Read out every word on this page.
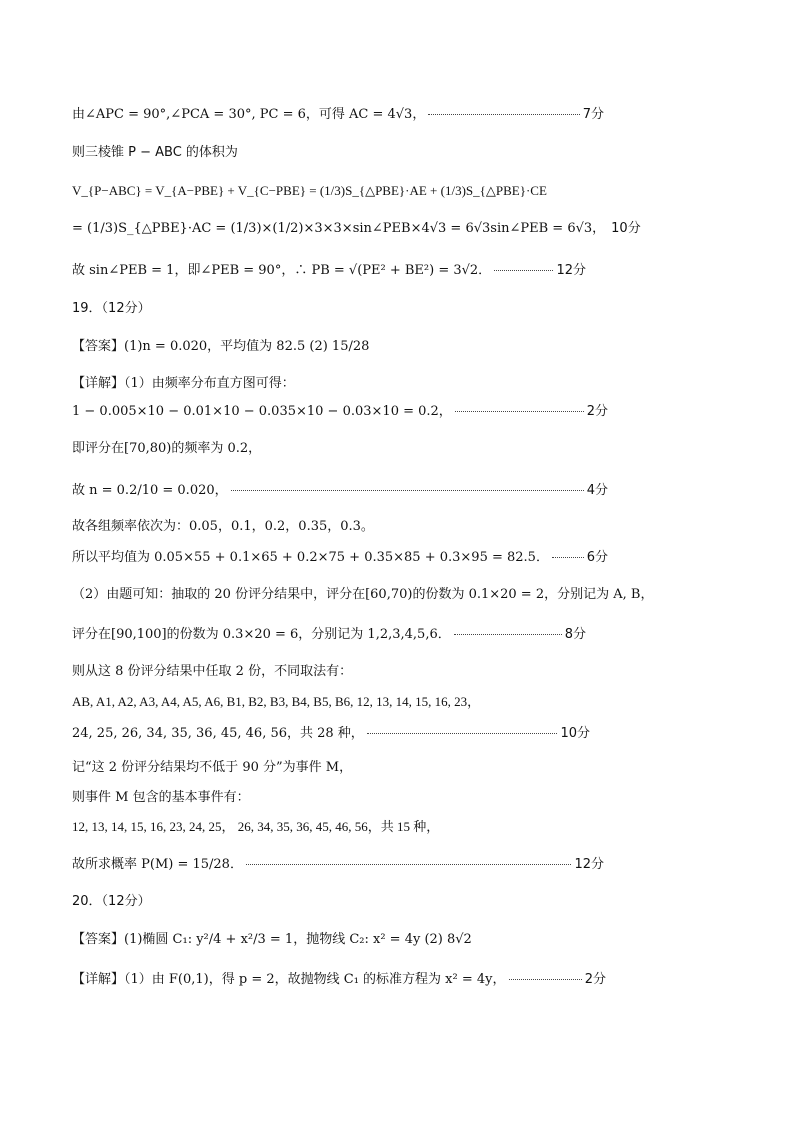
由∠APC = 90°,∠PCA = 30°, PC = 6，可得 AC = 4√3，	7分
则三棱锥 P − ABC 的体积为
V_{P−ABC} = V_{A−PBE} + V_{C−PBE} = (1/3)S_{△PBE}·AE + (1/3)S_{△PBE}·CE
= (1/3)S_{△PBE}·AC = (1/3)×(1/2)×3×3×sin∠PEB×4√3 = 6√3sin∠PEB = 6√3， 10分
故 sin∠PEB = 1，即∠PEB = 90°，∴ PB = √(PE² + BE²) = 3√2．	12分
19．（12分）
【答案】(1)n = 0.020，平均值为 82.5 (2) 15/28
【详解】（1）由频率分布直方图可得：
1 − 0.005×10 − 0.01×10 − 0.035×10 − 0.03×10 = 0.2，	2分
即评分在[70,80)的频率为 0.2，
故 n = 0.2/10 = 0.020，	4分
故各组频率依次为：0.05，0.1，0.2，0.35，0.3。
所以平均值为 0.05×55 + 0.1×65 + 0.2×75 + 0.35×85 + 0.3×95 = 82.5．	6分
（2）由题可知：抽取的 20 份评分结果中，评分在[60,70)的份数为 0.1×20 = 2，分别记为 A, B，
评分在[90,100]的份数为 0.3×20 = 6，分别记为 1,2,3,4,5,6．	8分
则从这 8 份评分结果中任取 2 份，不同取法有：
AB, A1, A2, A3, A4, A5, A6, B1, B2, B3, B4, B5, B6, 12, 13, 14, 15, 16, 23，
24, 25, 26, 34, 35, 36, 45, 46, 56，共 28 种，	10分
记“这 2 份评分结果均不低于 90 分”为事件 M，
则事件 M 包含的基本事件有：
12, 13, 14, 15, 16, 23, 24, 25， 26, 34, 35, 36, 45, 46, 56，共 15 种，
故所求概率 P(M) = 15/28．	12分
20．（12分）
【答案】(1)椭圆 C₁: y²/4 + x²/3 = 1，抛物线 C₂: x² = 4y (2) 8√2
【详解】（1）由 F(0,1)，得 p = 2，故抛物线 C₁ 的标准方程为 x² = 4y，	2分
